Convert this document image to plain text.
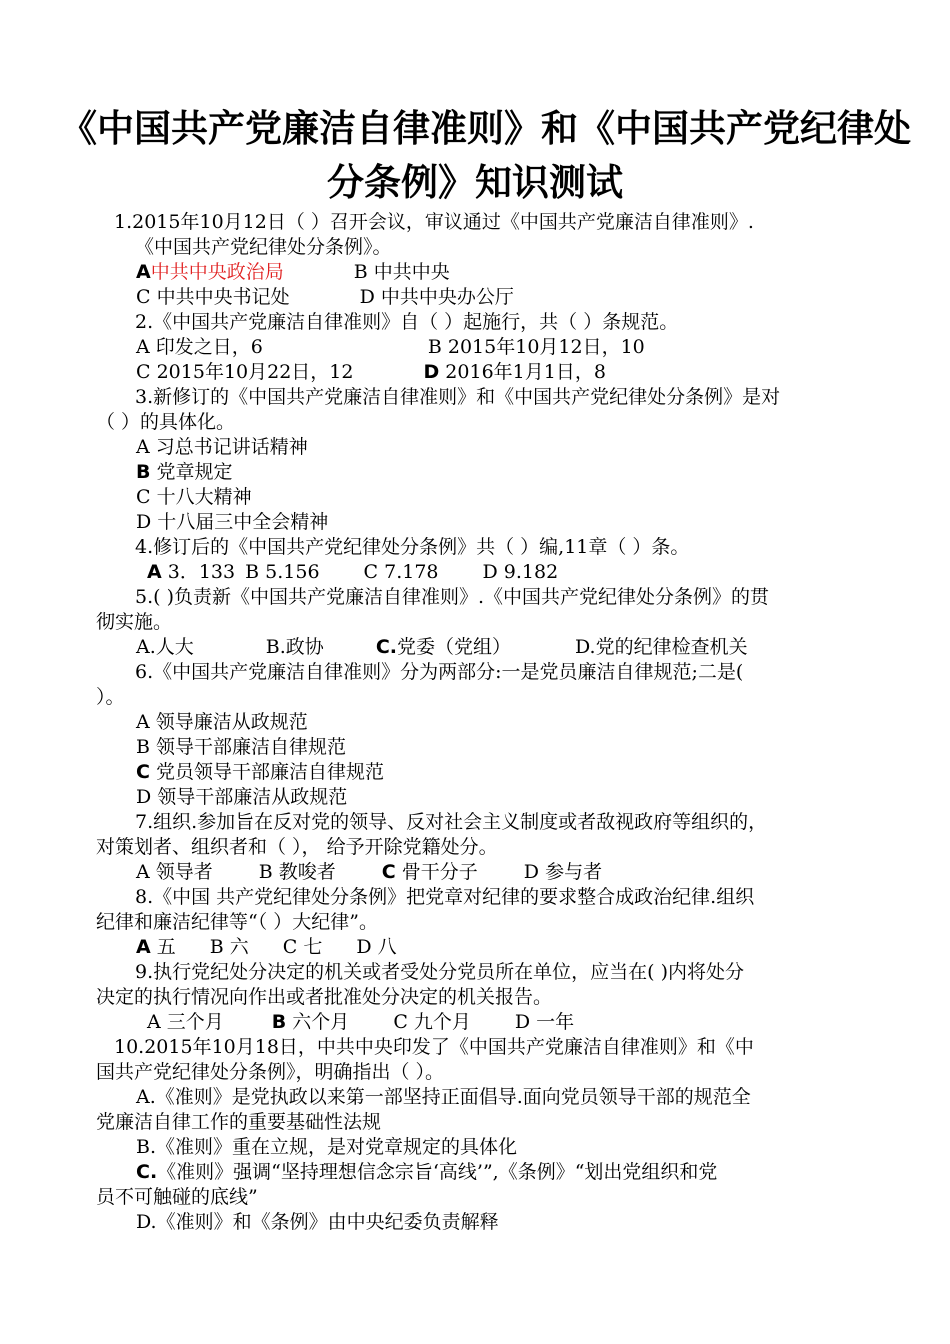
《中国共产党廉洁自律准则》和《中国共产党纪律处
分条例》知识测试
1.2015年10月12日（ ）召开会议，审议通过《中国共产党廉洁自律准则》.
《中国共产党纪律处分条例》。
A中共中央政治局	B 中共中央
C 中共中央书记处	D 中共中央办公厅
2.《中国共产党廉洁自律准则》自（ ）起施行，共（ ）条规范。
A 印发之日，6	B 2015年10月12日，10
C 2015年10月22日，12	D 2016年1月1日，8
3.新修订的《中国共产党廉洁自律准则》和《中国共产党纪律处分条例》是对
（ ）的具体化。
A 习总书记讲话精神
B 党章规定
C 十八大精神
D 十八届三中全会精神
4.修订后的《中国共产党纪律处分条例》共（ ）编,11章（ ）条。
A 3．133 B 5.156 C 7.178 D 9.182
5.( )负责新《中国共产党廉洁自律准则》.《中国共产党纪律处分条例》的贯
彻实施。
A.人大	B.政协	C.党委（党组）	D.党的纪律检查机关
6.《中国共产党廉洁自律准则》分为两部分:一是党员廉洁自律规范;二是(
）。
A 领导廉洁从政规范
B 领导干部廉洁自律规范
C 党员领导干部廉洁自律规范
D 领导干部廉洁从政规范
7.组织.参加旨在反对党的领导、反对社会主义制度或者敌视政府等组织的，
对策划者、组织者和（ ）， 给予开除党籍处分。
A 领导者 B 教唆者 C 骨干分子 D 参与者
8.《中国 共产党纪律处分条例》把党章对纪律的要求整合成政治纪律.组织
纪律和廉洁纪律等“（ ）大纪律”。
A 五 B 六 C 七 D 八
9.执行党纪处分决定的机关或者受处分党员所在单位，应当在( )内将处分
决定的执行情况向作出或者批准处分决定的机关报告。
A 三个月	B 六个月 C 九个月 D 一年
10.2015年10月18日，中共中央印发了《中国共产党廉洁自律准则》和《中
国共产党纪律处分条例》，明确指出（ ）。
A.《准则》是党执政以来第一部坚持正面倡导.面向党员领导干部的规范全
党廉洁自律工作的重要基础性法规
B.《准则》重在立规，是对党章规定的具体化
C.《准则》强调“坚持理想信念宗旨‘高线’”,《条例》“划出党组织和党
员不可触碰的底线”
D.《准则》和《条例》由中央纪委负责解释
